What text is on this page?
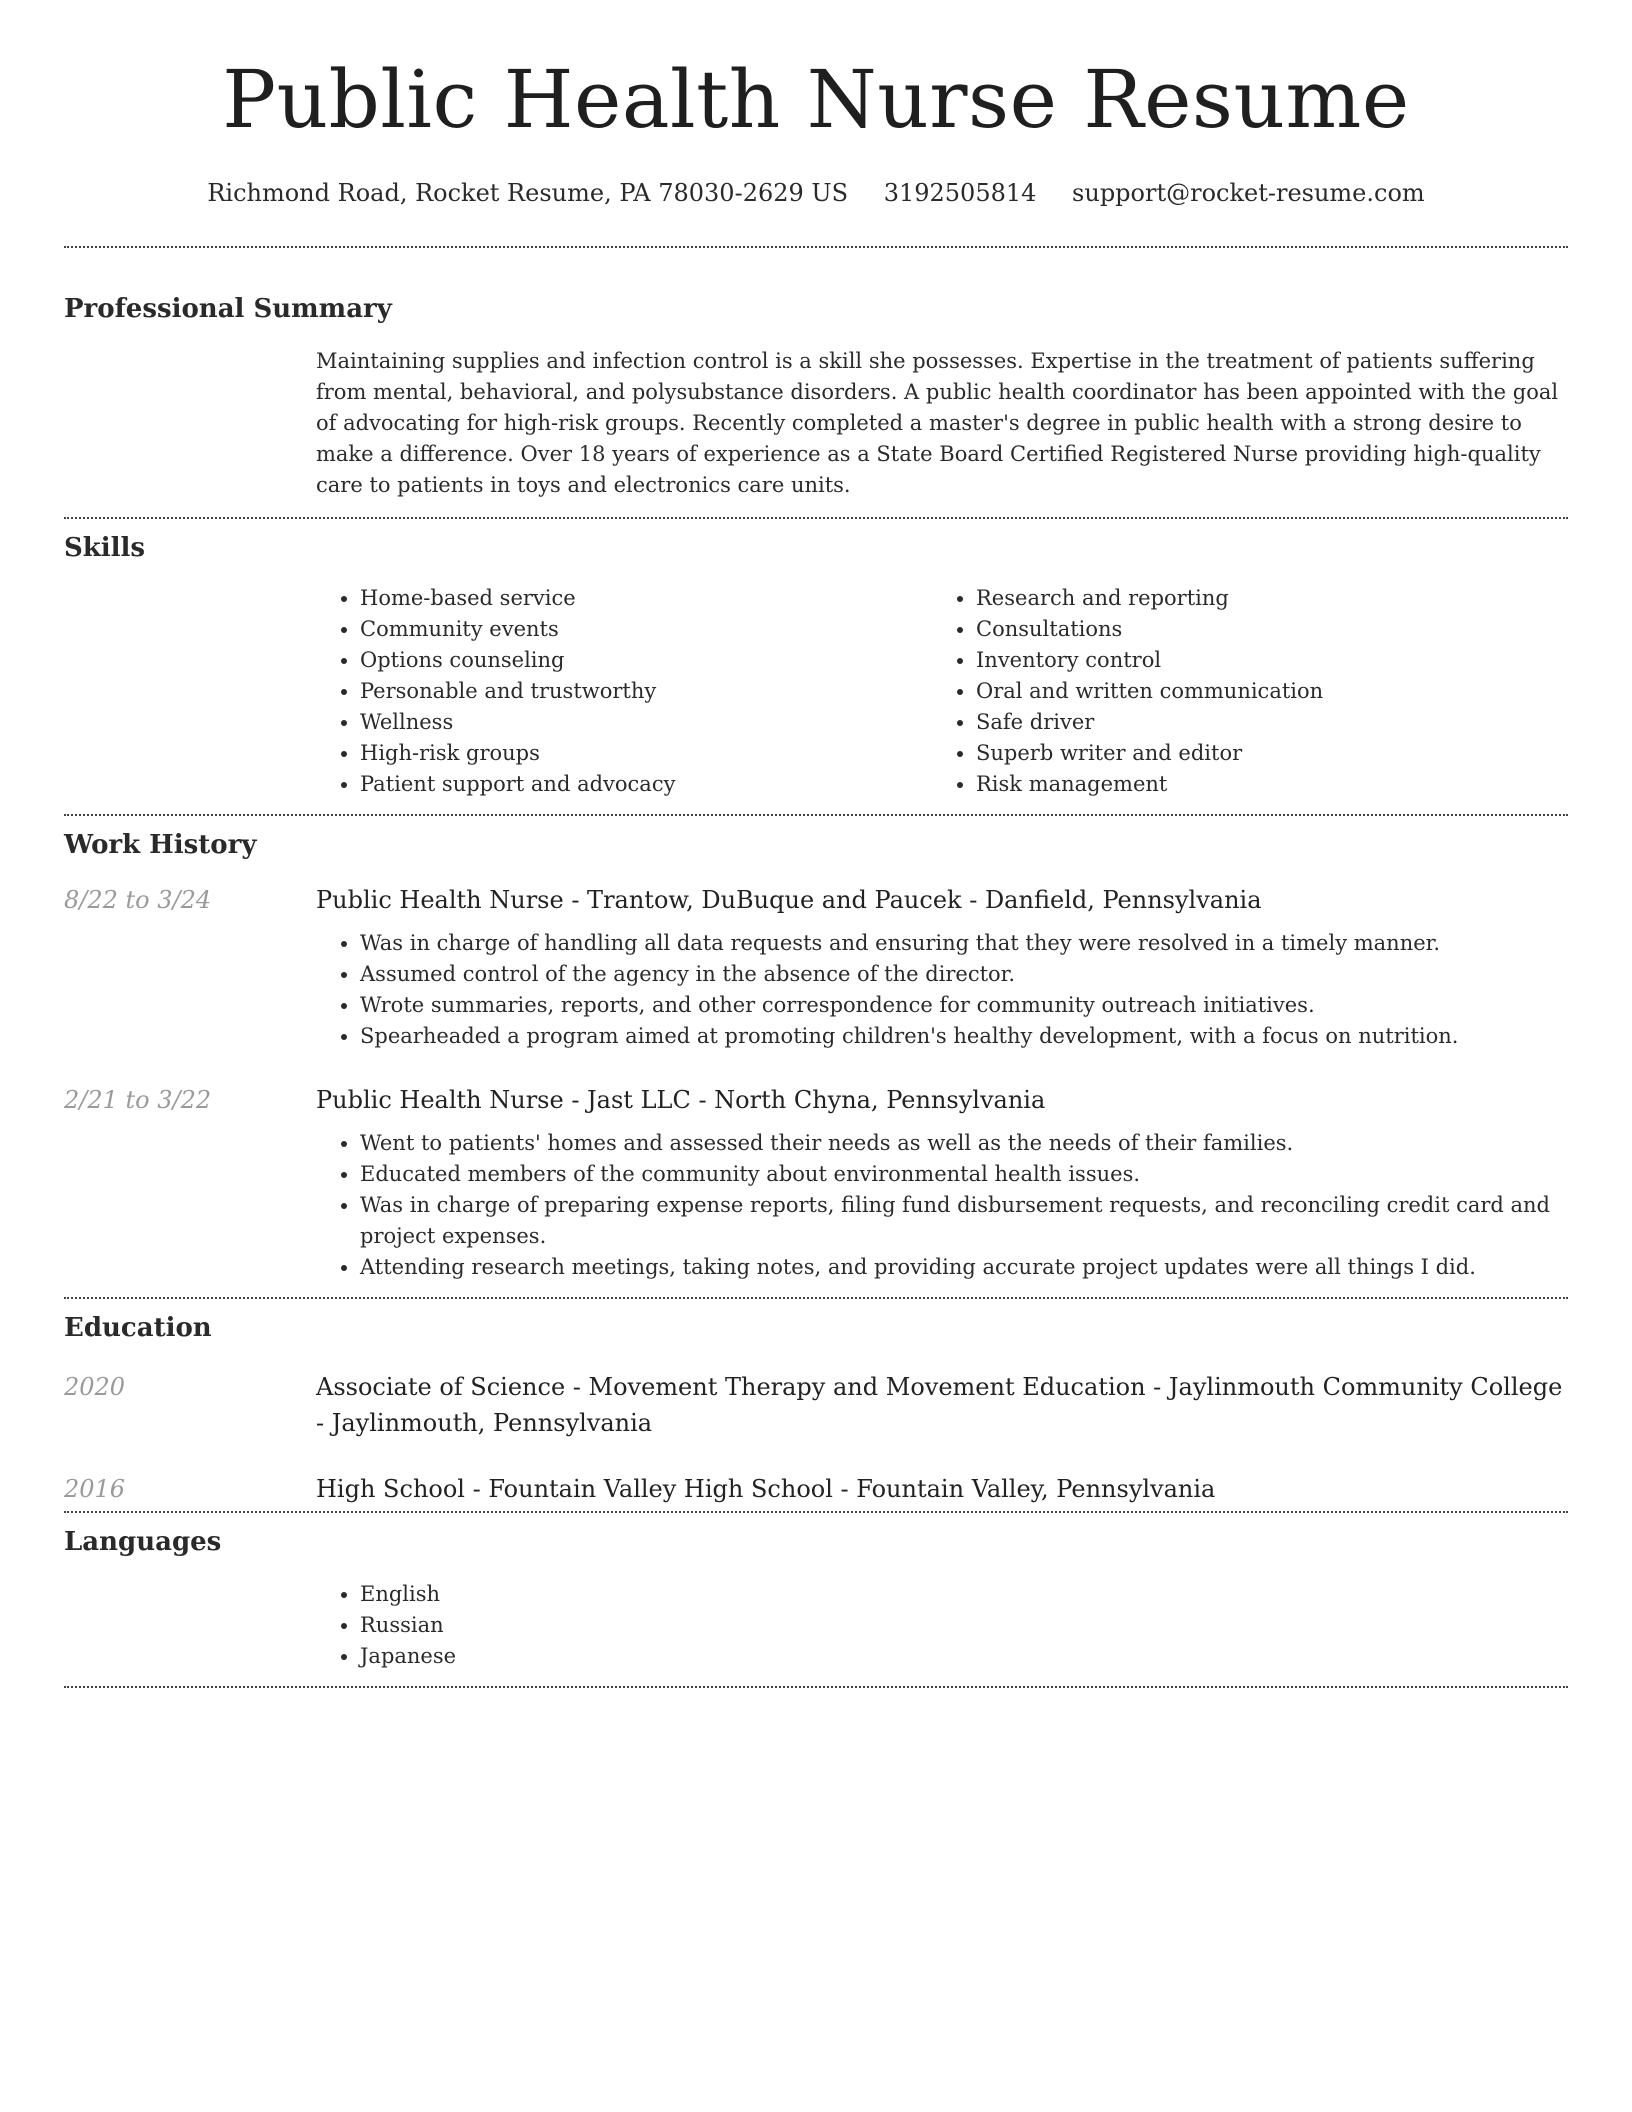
Public Health Nurse Resume
Richmond Road, Rocket Resume, PA 78030-2629 US 3192505814 support@rocket-resume.com
Professional Summary
Maintaining supplies and infection control is a skill she possesses. Expertise in the treatment of patients suffering from mental, behavioral, and polysubstance disorders. A public health coordinator has been appointed with the goal of advocating for high-risk groups. Recently completed a master's degree in public health with a strong desire to make a difference. Over 18 years of experience as a State Board Certified Registered Nurse providing high-quality care to patients in toys and electronics care units.
Skills
• Home-based service
• Community events
• Options counseling
• Personable and trustworthy
• Wellness
• High-risk groups
• Patient support and advocacy
• Research and reporting
• Consultations
• Inventory control
• Oral and written communication
• Safe driver
• Superb writer and editor
• Risk management
Work History
8/22 to 3/24	Public Health Nurse - Trantow, DuBuque and Paucek - Danfield, Pennsylvania
• Was in charge of handling all data requests and ensuring that they were resolved in a timely manner.
• Assumed control of the agency in the absence of the director.
• Wrote summaries, reports, and other correspondence for community outreach initiatives.
• Spearheaded a program aimed at promoting children's healthy development, with a focus on nutrition.
2/21 to 3/22	Public Health Nurse - Jast LLC - North Chyna, Pennsylvania
• Went to patients' homes and assessed their needs as well as the needs of their families.
• Educated members of the community about environmental health issues.
• Was in charge of preparing expense reports, filing fund disbursement requests, and reconciling credit card and project expenses.
• Attending research meetings, taking notes, and providing accurate project updates were all things I did.
Education
2020	Associate of Science - Movement Therapy and Movement Education - Jaylinmouth Community College - Jaylinmouth, Pennsylvania
2016	High School - Fountain Valley High School - Fountain Valley, Pennsylvania
Languages
• English
• Russian
• Japanese
